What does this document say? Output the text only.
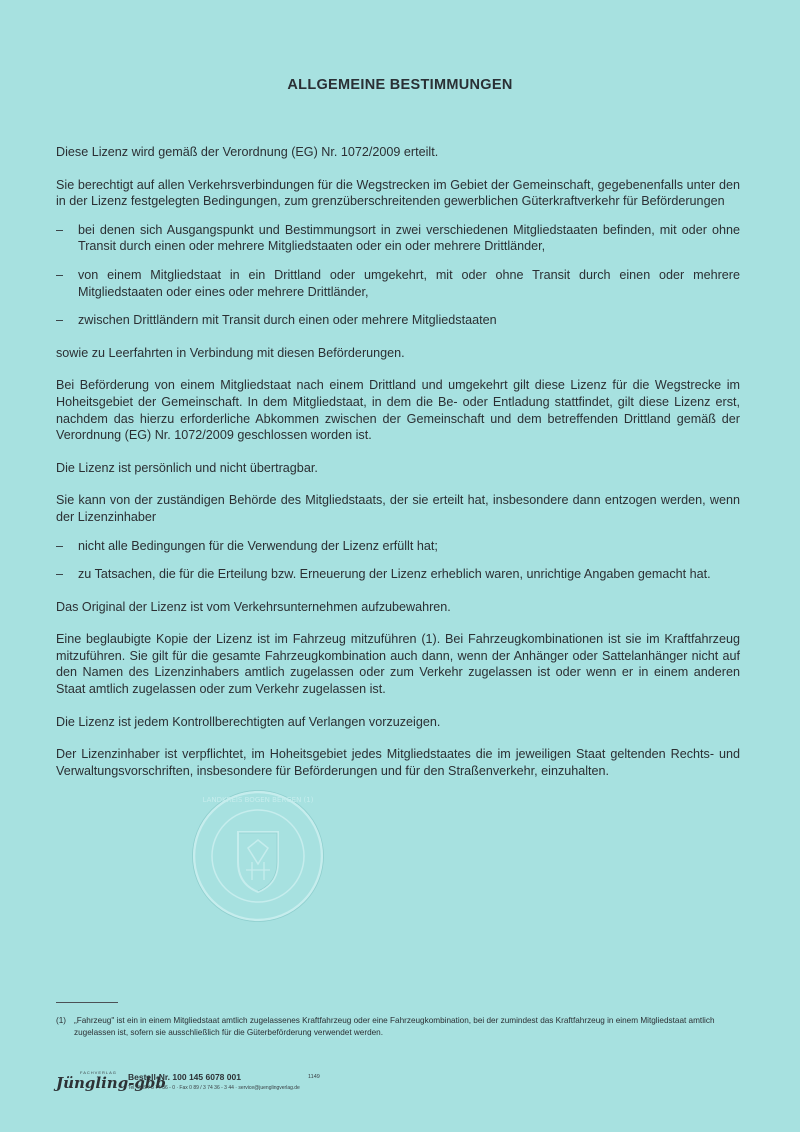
ALLGEMEINE BESTIMMUNGEN

Diese Lizenz wird gemäß der Verordnung (EG) Nr. 1072/2009 erteilt.

Sie berechtigt auf allen Verkehrsverbindungen für die Wegstrecken im Gebiet der Gemeinschaft, gegebenenfalls unter den in der Lizenz festgelegten Bedingungen, zum grenzüberschreitenden gewerblichen Güterkraftverkehr für Beförderungen

–	bei denen sich Ausgangspunkt und Bestimmungsort in zwei verschiedenen Mitgliedstaaten befinden, mit oder ohne Transit durch einen oder mehrere Mitgliedstaaten oder ein oder mehrere Drittländer,
–	von einem Mitgliedstaat in ein Drittland oder umgekehrt, mit oder ohne Transit durch einen oder mehrere Mitgliedstaaten oder eines oder mehrere Drittländer,
–	zwischen Drittländern mit Transit durch einen oder mehrere Mitgliedstaaten

sowie zu Leerfahrten in Verbindung mit diesen Beförderungen.

Bei Beförderung von einem Mitgliedstaat nach einem Drittland und umgekehrt gilt diese Lizenz für die Wegstrecke im Hoheitsgebiet der Gemeinschaft. In dem Mitgliedstaat, in dem die Be- oder Entladung stattfindet, gilt diese Lizenz erst, nachdem das hierzu erforderliche Abkommen zwischen der Gemeinschaft und dem betreffenden Drittland gemäß der Verordnung (EG) Nr. 1072/2009 geschlossen worden ist.

Die Lizenz ist persönlich und nicht übertragbar.

Sie kann von der zuständigen Behörde des Mitgliedstaats, der sie erteilt hat, insbesondere dann entzogen werden, wenn der Lizenzinhaber

–	nicht alle Bedingungen für die Verwendung der Lizenz erfüllt hat;
–	zu Tatsachen, die für die Erteilung bzw. Erneuerung der Lizenz erheblich waren, unrichtige Angaben gemacht hat.

Das Original der Lizenz ist vom Verkehrsunternehmen aufzubewahren.

Eine beglaubigte Kopie der Lizenz ist im Fahrzeug mitzuführen (1). Bei Fahrzeugkombinationen ist sie im Kraftfahrzeug mitzuführen. Sie gilt für die gesamte Fahrzeugkombination auch dann, wenn der Anhänger oder Sattelanhänger nicht auf den Namen des Lizenzinhabers amtlich zugelassen oder zum Verkehr zugelassen ist oder wenn er in einem anderen Staat amtlich zugelassen oder zum Verkehr zugelassen ist.

Die Lizenz ist jedem Kontrollberechtigten auf Verlangen vorzuzeigen.

Der Lizenzinhaber ist verpflichtet, im Hoheitsgebiet jedes Mitgliedstaates die im jeweiligen Staat geltenden Rechts- und Verwaltungsvorschriften, insbesondere für Beförderungen und für den Straßenverkehr, einzuhalten.

LANDKREIS BOGEN BERGEN (1)
(1) „Fahrzeug" ist ein in einem Mitgliedstaat amtlich zugelassenes Kraftfahrzeug oder eine Fahrzeugkombination, bei der zumindest das Kraftfahrzeug in einem Mitgliedstaat amtlich zugelassen ist, sofern sie ausschließlich für die Güterbeförderung verwendet werden.
FACHVERLAG
Jüngling-gbb
Bestell-Nr. 100 145 6078 001	1149
Tel. 0 89 / 3 74 36 - 0 · Fax 0 89 / 3 74 36 - 3 44 · service@jueng​lingverlag.de
